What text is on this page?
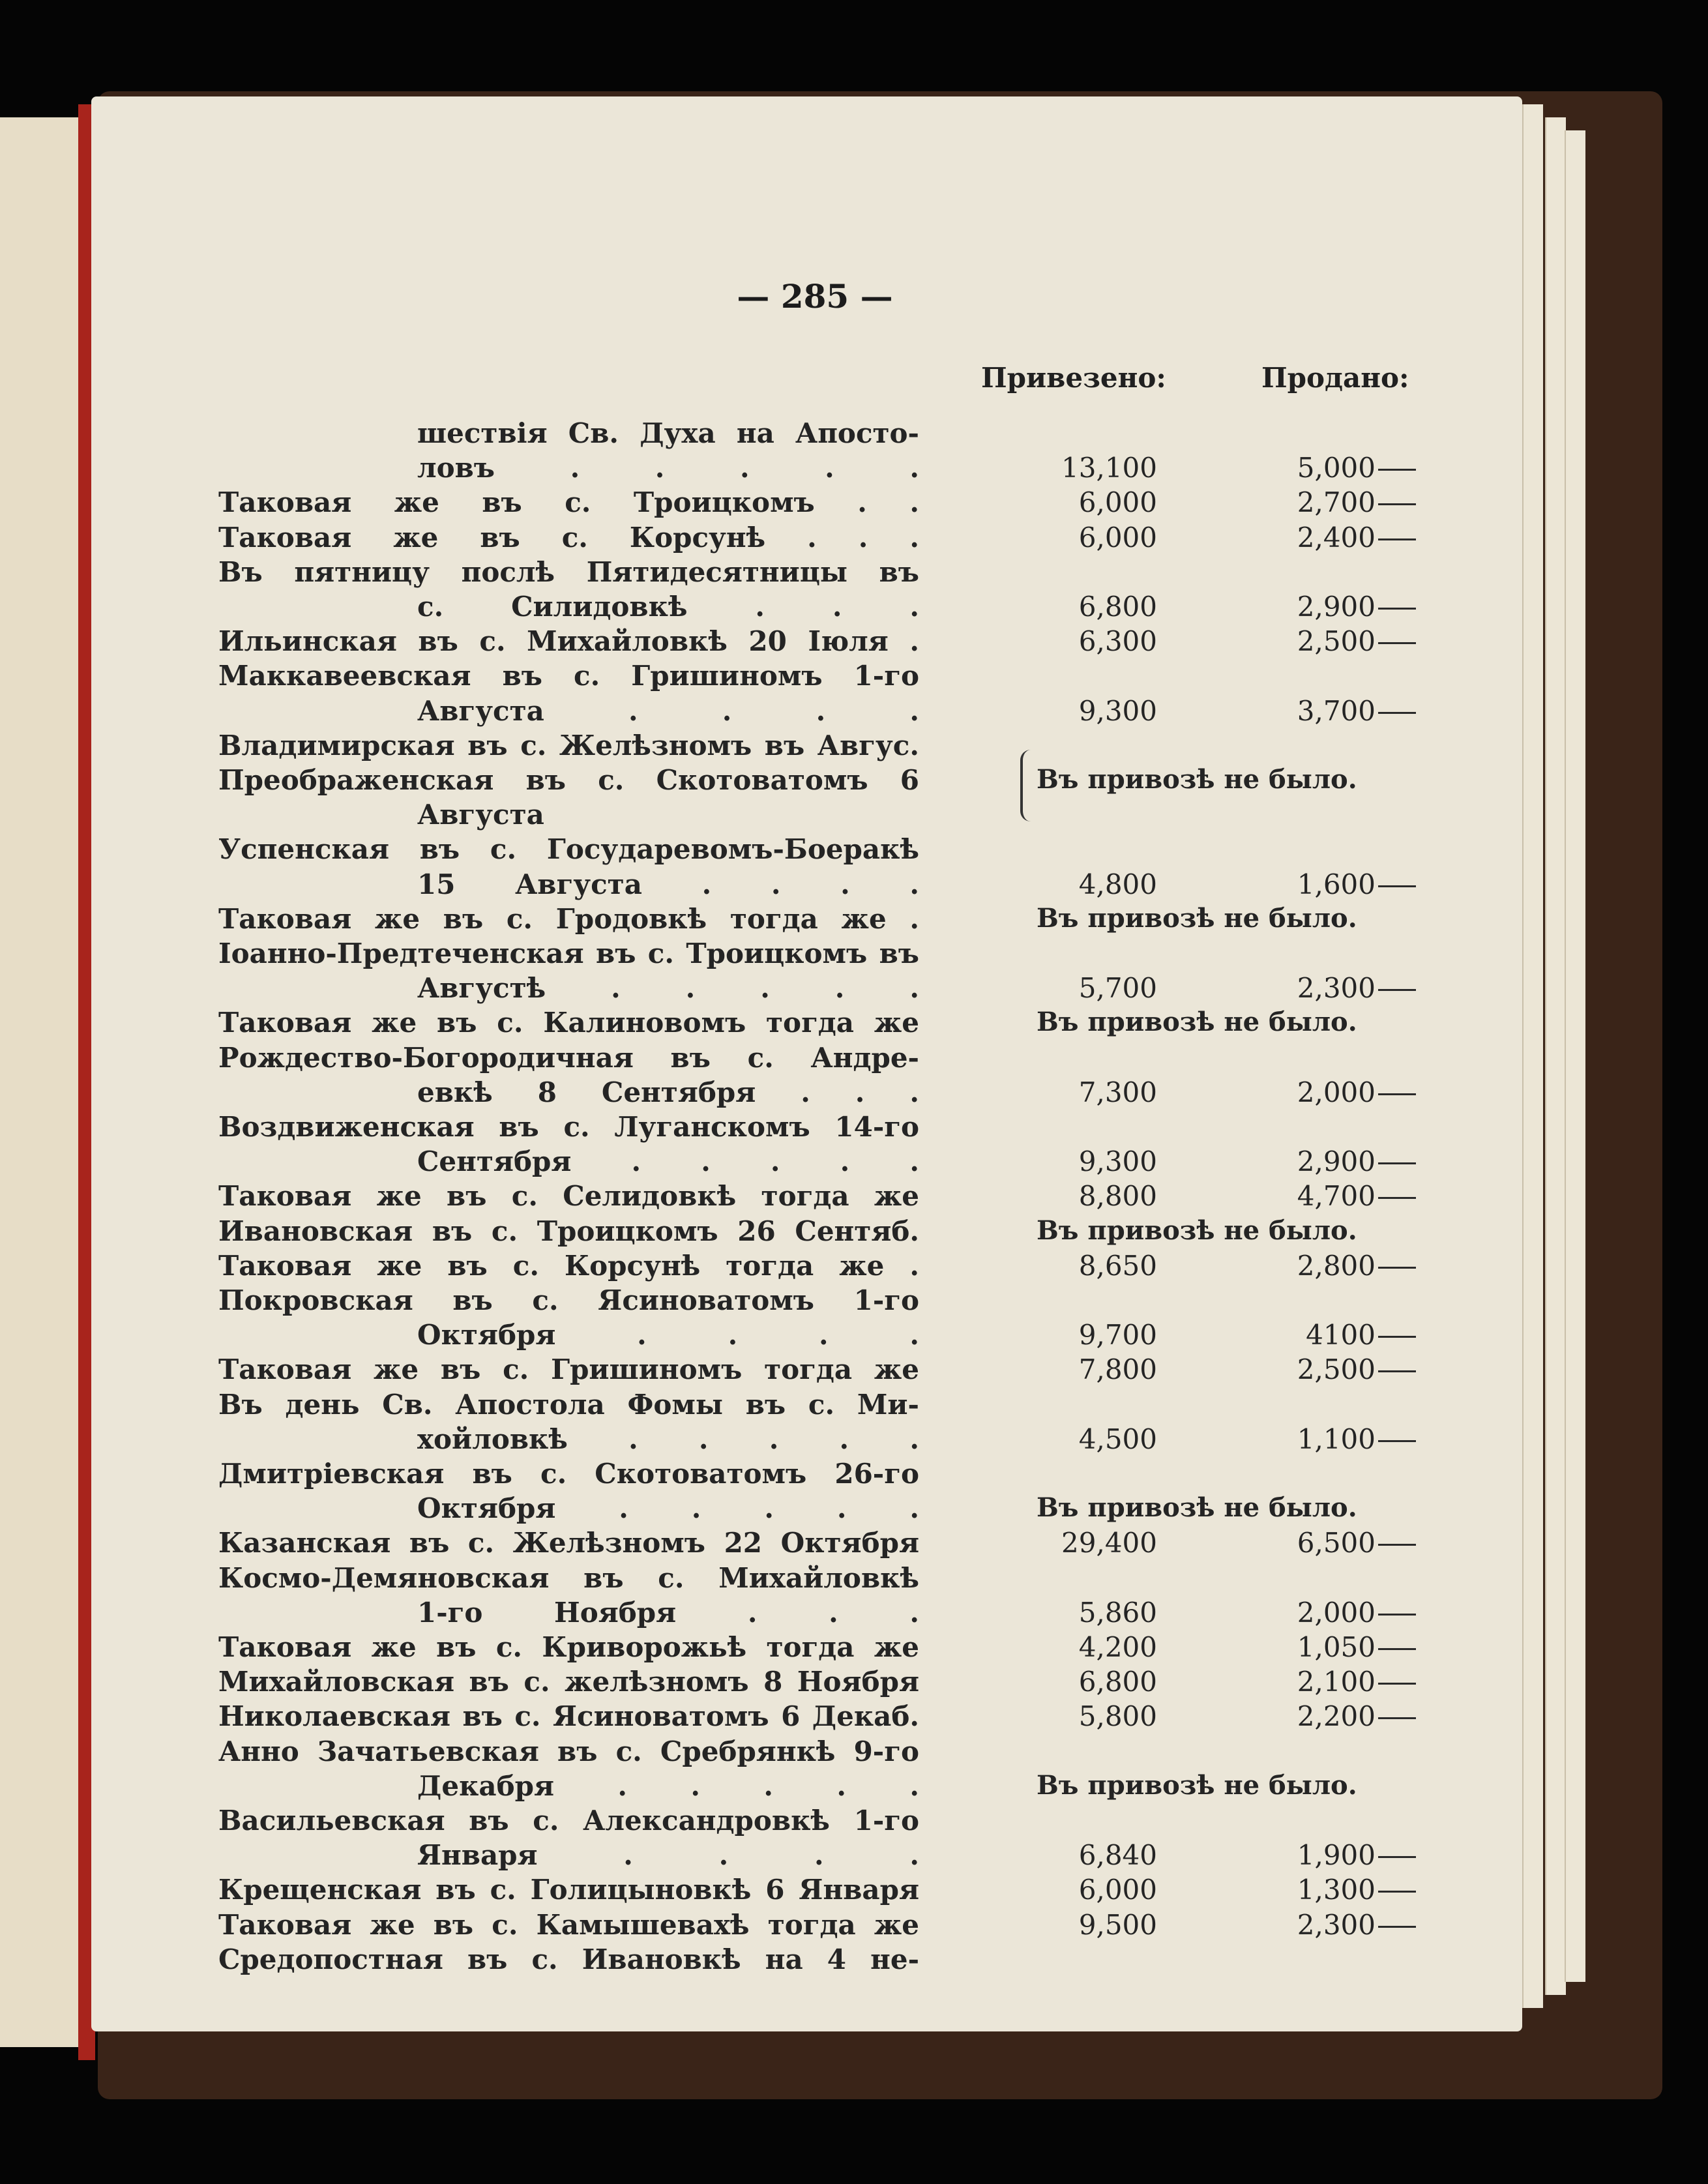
— 285 —
Привезено:	Продано:
шествія Св. Духа на Апосто-
ловъ . . . . .	13,100	5,000
Таковая же въ с. Троицкомъ . .	6,000	2,700
Таковая же въ с. Корсунѣ . . .	6,000	2,400
Въ пятницу послѣ Пятидесятницы въ
с. Силидовкѣ . . .	6,800	2,900
Ильинская въ с. Михайловкѣ 20 Іюля .	6,300	2,500
Маккавеевская въ с. Гришиномъ 1-го
Августа . . . .	9,300	3,700
Владимирская въ с. Желѣзномъ въ Авгус.
Преображенская въ с. Скотоватомъ 6	Въ привозѣ не было.
Августа
Успенская въ с. Государевомъ-Боеракѣ
15 Августа . . . .	4,800	1,600
Таковая же въ с. Гродовкѣ тогда же .	Въ привозѣ не было.
Іоанно-Предтеченская въ с. Троицкомъ въ
Августѣ . . . . .	5,700	2,300
Таковая же въ с. Калиновомъ тогда же	Въ привозѣ не было.
Рождество-Богородичная въ с. Андре-
евкѣ 8 Сентября . . .	7,300	2,000
Воздвиженская въ с. Луганскомъ 14-го
Сентября . . . . .	9,300	2,900
Таковая же въ с. Селидовкѣ тогда же	8,800	4,700
Ивановская въ с. Троицкомъ 26 Сентяб.	Въ привозѣ не было.
Таковая же въ с. Корсунѣ тогда же .	8,650	2,800
Покровская въ с. Ясиноватомъ 1-го
Октября . . . .	9,700	4100
Таковая же въ с. Гришиномъ тогда же	7,800	2,500
Въ день Св. Апостола Фомы въ с. Ми-
хойловкѣ . . . . .	4,500	1,100
Дмитріевская въ с. Скотоватомъ 26-го
Октября . . . . .	Въ привозѣ не было.
Казанская въ с. Желѣзномъ 22 Октября	29,400	6,500
Космо-Демяновская въ с. Михайловкѣ
1-го Ноября . . .	5,860	2,000
Таковая же въ с. Криворожьѣ тогда же	4,200	1,050
Михайловская въ с. желѣзномъ 8 Ноября	6,800	2,100
Николаевская въ с. Ясиноватомъ 6 Декаб.	5,800	2,200
Анно Зачатьевская въ с. Сребрянкѣ 9-го
Декабря . . . . .	Въ привозѣ не было.
Васильевская въ с. Александровкѣ 1-го
Января . . . .	6,840	1,900
Крещенская въ с. Голицыновкѣ 6 Января	6,000	1,300
Таковая же въ с. Камышевахѣ тогда же	9,500	2,300
Средопостная въ с. Ивановкѣ на 4 не-
